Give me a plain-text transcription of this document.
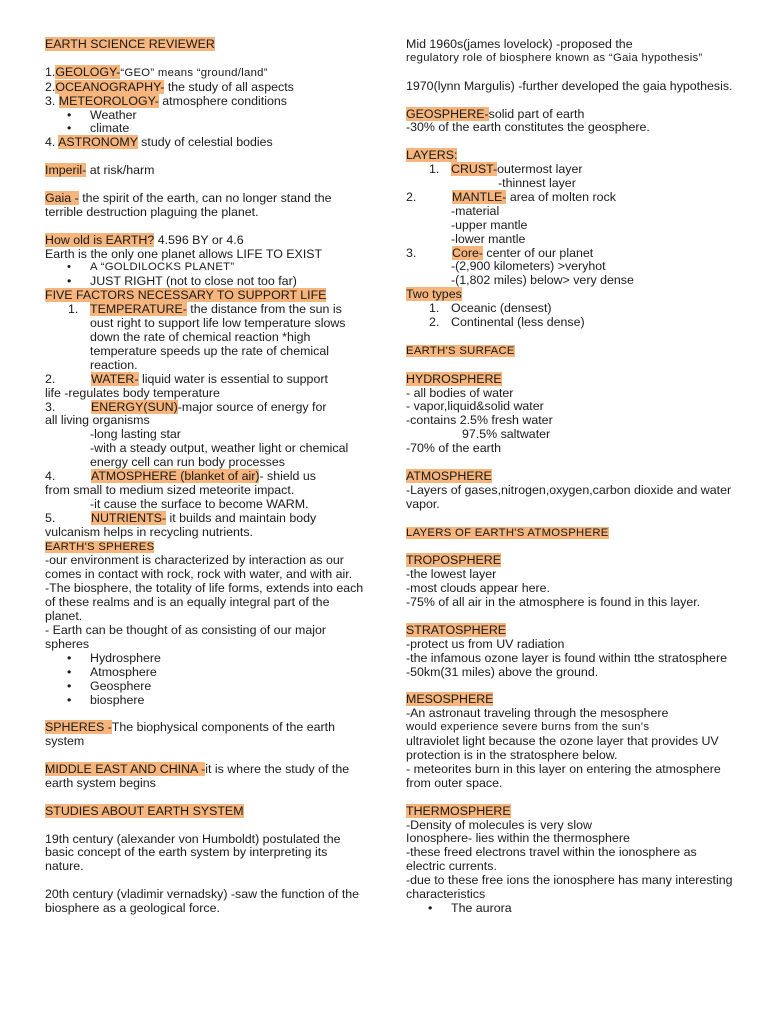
EARTH SCIENCE REVIEWER

1.GEOLOGY-“GEO” means “ground/land”

2.OCEANOGRAPHY- the study of all aspects

3. METEOROLOGY- atmosphere conditions

• Weather
• climate

4. ASTRONOMY study of celestial bodies

Imperil- at risk/harm

Gaia - the spirit of the earth, can no longer stand the terrible destruction plaguing the planet.

How old is EARTH? 4.596 BY or 4.6

Earth is the only one planet allows LIFE TO EXIST

• A “GOLDILOCKS PLANET”
• JUST RIGHT (not to close not too far)

FIVE FACTORS NECESSARY TO SUPPORT LIFE

1. TEMPERATURE- the distance from the sun is oust right to support life low temperature slows down the rate of chemical reaction *high temperature speeds up the rate of chemical reaction.
2.	WATER- liquid water is essential to support

life -regulates body temperature

3.	ENERGY(SUN)-major source of energy for

all living organisms

-long lasting star

-with a steady output, weather light or chemical energy cell can run body processes

4.	ATMOSPHERE (blanket of air)- shield us

from small to medium sized meteorite impact.

-it cause the surface to become WARM.

5.	NUTRIENTS- it builds and maintain body

vulcanism helps in recycling nutrients.

EARTH'S SPHERES

-our environment is characterized by interaction as our comes in contact with rock, rock with water, and with air.

-The biosphere, the totality of life forms, extends into each of these realms and is an equally integral part of the planet.

- Earth can be thought of as consisting of our major spheres

• Hydrosphere
• Atmosphere
• Geosphere
• biosphere

SPHERES -The biophysical components of the earth system

MIDDLE EAST AND CHINA -it is where the study of the earth system begins

STUDIES ABOUT EARTH SYSTEM

19th century (alexander von Humboldt) postulated the basic concept of the earth system by interpreting its nature.

20th century (vladimir vernadsky) -saw the function of the biosphere as a geological force.

Mid 1960s(james lovelock) -proposed the

regulatory role of biosphere known as “Gaia hypothesis”

1970(lynn Margulis) -further developed the gaia hypothesis.

GEOSPHERE-solid part of earth

-30% of the earth constitutes the geosphere.

LAYERS:

1. CRUST-outermost layer

-thinnest layer

2.	MANTLE- area of molten rock

-material

-upper mantle

-lower mantle

3.	Core- center of our planet

-(2,900 kilometers) >veryhot

-(1,802 miles) below> very dense

Two types

1. Oceanic (densest)
2. Continental (less dense)

EARTH'S SURFACE

HYDROSPHERE

- all bodies of water

- vapor,liquid&solid water

-contains 2.5% fresh water

97.5% saltwater

-70% of the earth

ATMOSPHERE

-Layers of gases,nitrogen,oxygen,carbon dioxide and water vapor.

LAYERS OF EARTH'S ATMOSPHERE

TROPOSPHERE

-the lowest layer

-most clouds appear here.

-75% of all air in the atmosphere is found in this layer.

STRATOSPHERE

-protect us from UV radiation

-the infamous ozone layer is found within tthe stratosphere

-50km(31 miles) above the ground.

MESOSPHERE

-An astronaut traveling through the mesosphere

would experience severe burns from the sun's

ultraviolet light because the ozone layer that provides UV protection is in the stratosphere below.

- meteorites burn in this layer on entering the atmosphere from outer space.

THERMOSPHERE

-Density of molecules is very slow

Ionosphere- lies within the thermosphere

-these freed electrons travel within the ionosphere as electric currents.

-due to these free ions the ionosphere has many interesting characteristics

• The aurora
